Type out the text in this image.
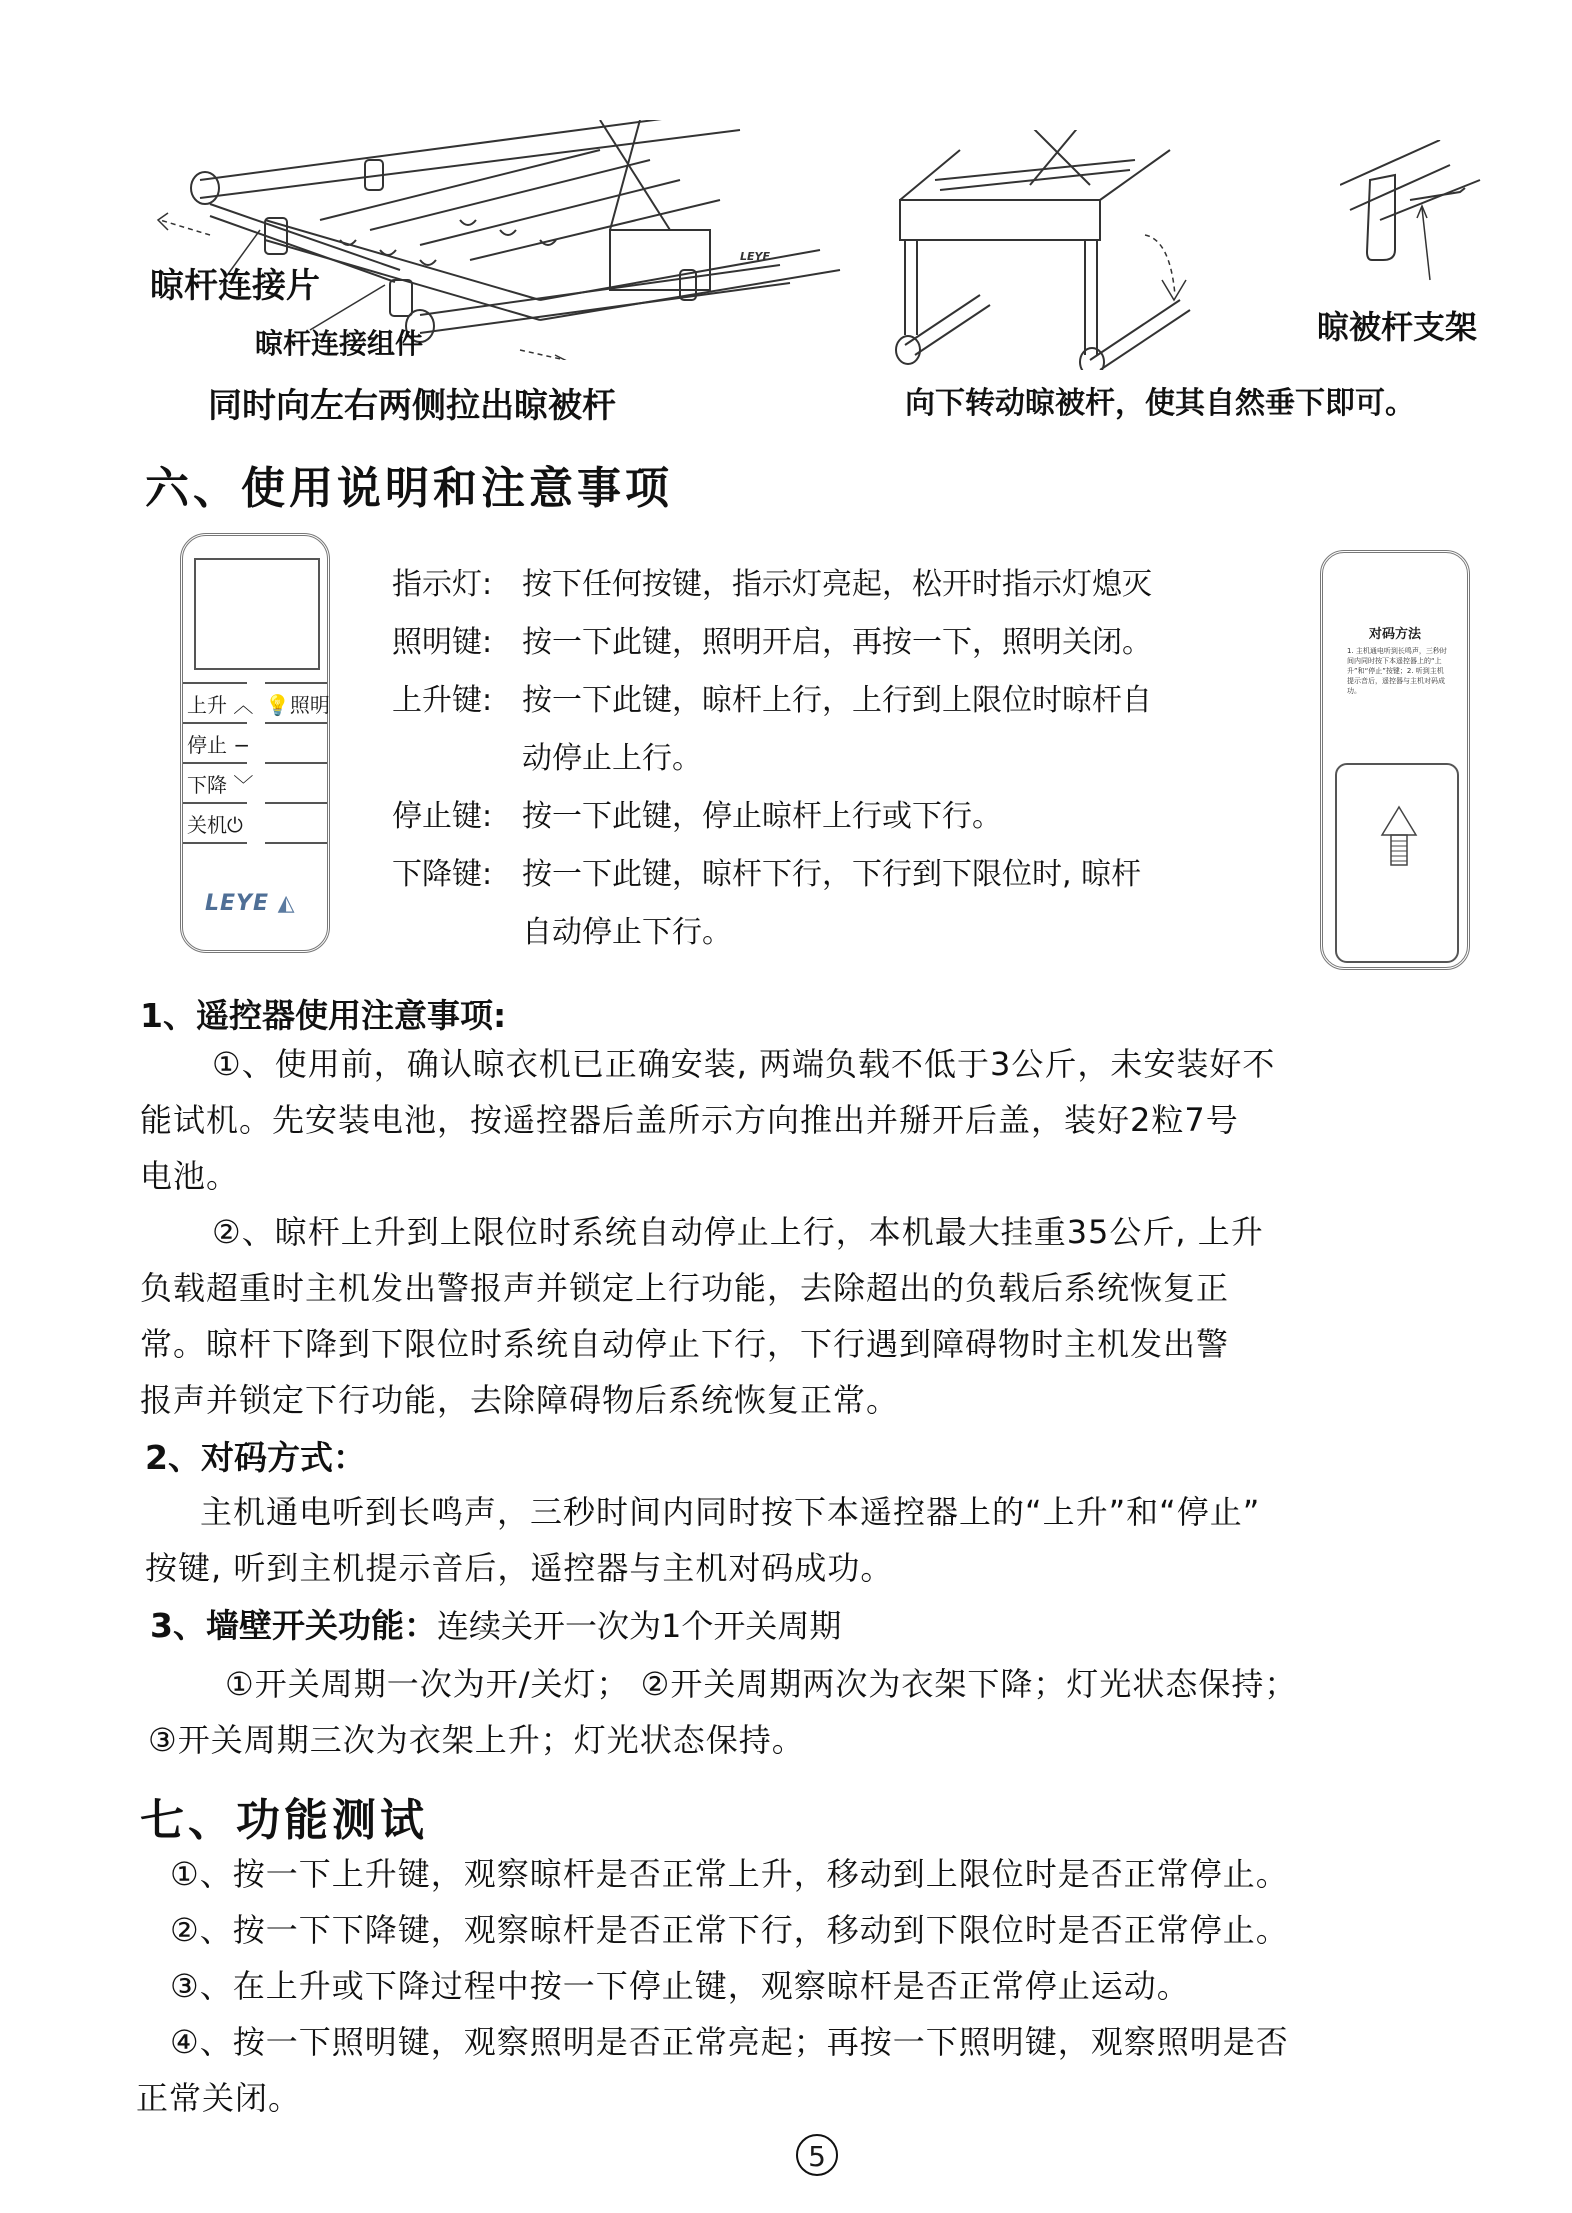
LEYE
晾杆连接片
晾杆连接组件
同时向左右两侧拉出晾被杆
晾被杆支架
向下转动晾被杆，使其自然垂下即可。
六、使用说明和注意事项
上升 ︿ 💡照明
停止 −
下降 ﹀
关机⏻
LEYE ◭
指示灯: 按下任何按键，指示灯亮起，松开时指示灯熄灭
照明键: 按一下此键，照明开启，再按一下，照明关闭。
上升键: 按一下此键，晾杆上行，上行到上限位时晾杆自
动停止上行。
停止键: 按一下此键，停止晾杆上行或下行。
下降键: 按一下此键，晾杆下行，下行到下限位时, 晾杆
自动停止下行。
对码方法
1. 主机通电听到长鸣声，三秒时间内同时按下本遥控器上的“上升”和“停止”按键；2. 听到主机提示音后，遥控器与主机对码成功。
1、遥控器使用注意事项:
①、使用前，确认晾衣机已正确安装, 两端负载不低于3公斤，未安装好不
能试机。先安装电池，按遥控器后盖所示方向推出并掰开后盖，装好2粒7号
电池。
②、晾杆上升到上限位时系统自动停止上行，本机最大挂重35公斤, 上升
负载超重时主机发出警报声并锁定上行功能，去除超出的负载后系统恢复正
常。晾杆下降到下限位时系统自动停止下行，下行遇到障碍物时主机发出警
报声并锁定下行功能，去除障碍物后系统恢复正常。
2、对码方式：
主机通电听到长鸣声，三秒时间内同时按下本遥控器上的“上升”和“停止”
按键, 听到主机提示音后，遥控器与主机对码成功。
3、墙壁开关功能：连续关开一次为1个开关周期
①开关周期一次为开/关灯； ②开关周期两次为衣架下降；灯光状态保持；
③开关周期三次为衣架上升；灯光状态保持。
七、功能测试
①、按一下上升键，观察晾杆是否正常上升，移动到上限位时是否正常停止。
②、按一下下降键，观察晾杆是否正常下行，移动到下限位时是否正常停止。
③、在上升或下降过程中按一下停止键，观察晾杆是否正常停止运动。
④、按一下照明键，观察照明是否正常亮起；再按一下照明键，观察照明是否
正常关闭。
5
